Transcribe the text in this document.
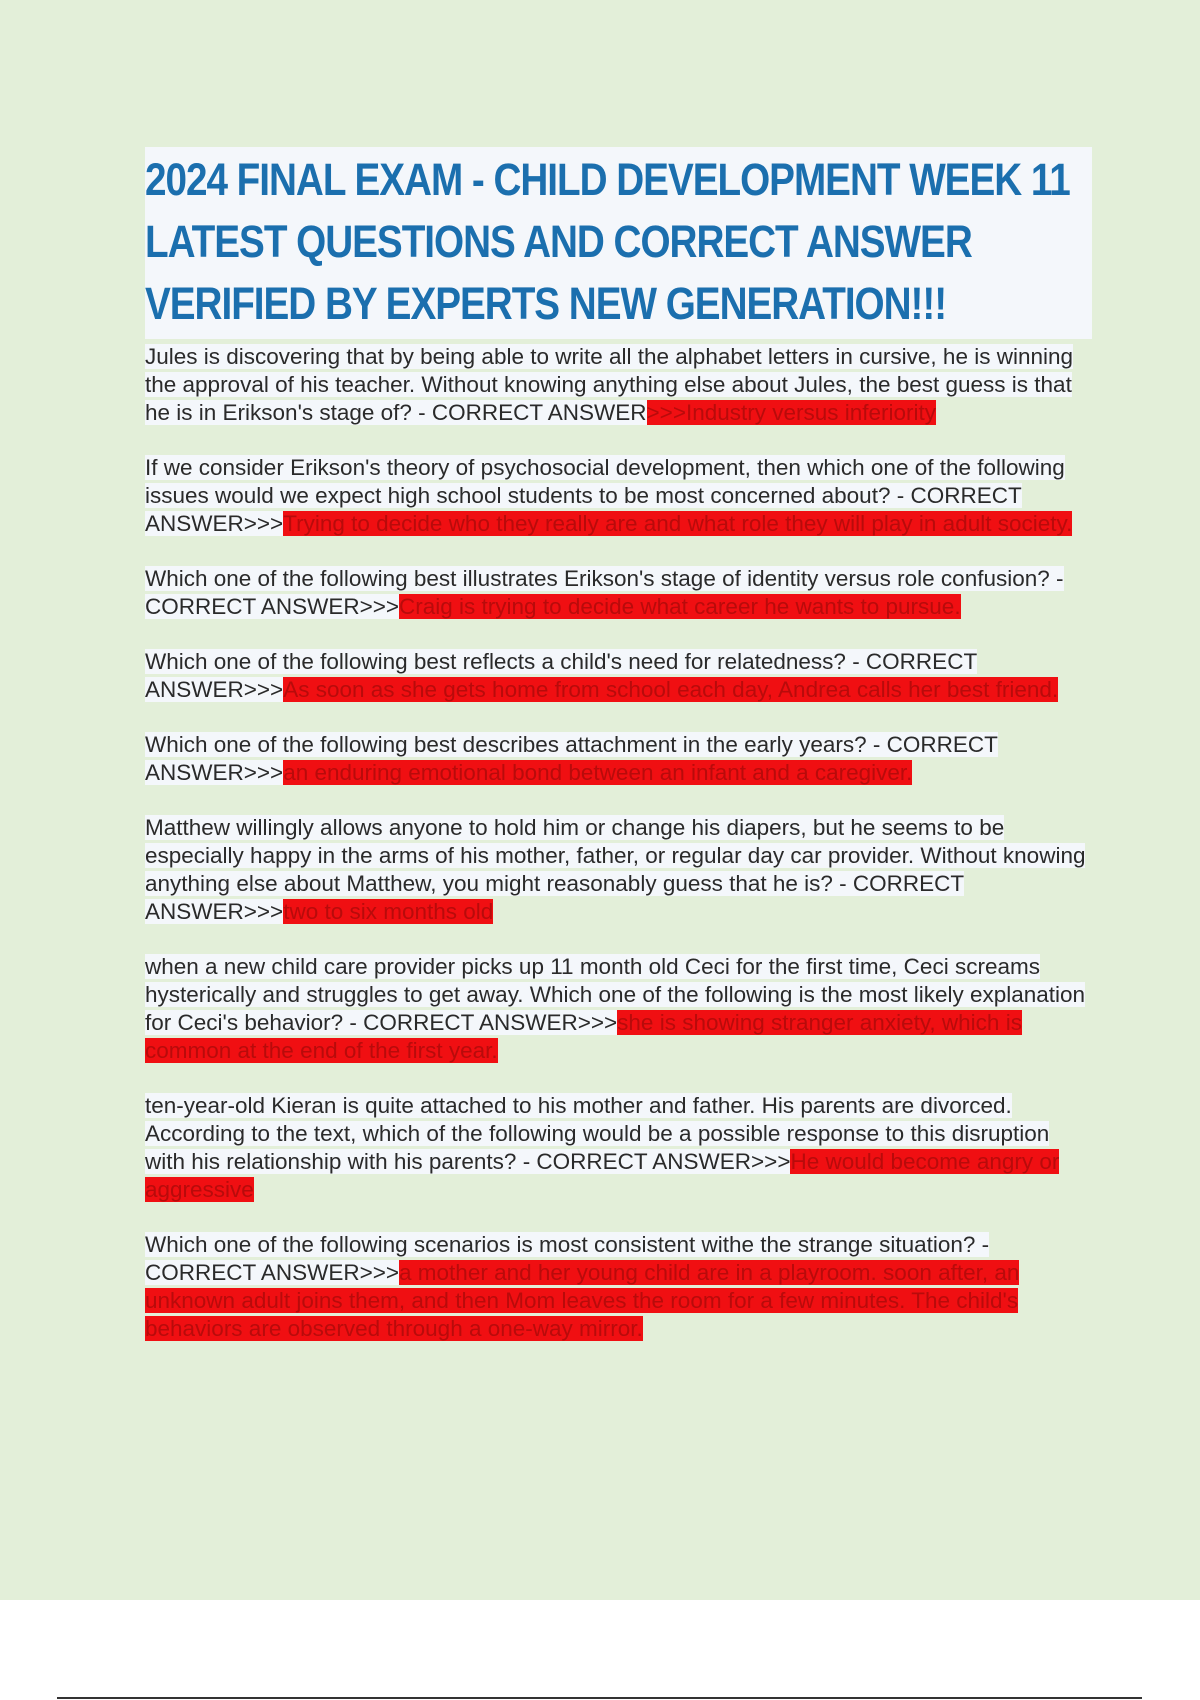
2024 FINAL EXAM - CHILD DEVELOPMENT WEEK 11 LATEST QUESTIONS AND CORRECT ANSWER VERIFIED BY EXPERTS NEW GENERATION!!!

Jules is discovering that by being able to write all the alphabet letters in cursive, he is winning the approval of his teacher. Without knowing anything else about Jules, the best guess is that he is in Erikson's stage of? - CORRECT ANSWER>>>Industry versus inferiority

If we consider Erikson's theory of psychosocial development, then which one of the following issues would we expect high school students to be most concerned about? - CORRECT ANSWER>>>Trying to decide who they really are and what role they will play in adult society.

Which one of the following best illustrates Erikson's stage of identity versus role confusion? - CORRECT ANSWER>>>Craig is trying to decide what career he wants to pursue.

Which one of the following best reflects a child's need for relatedness? - CORRECT ANSWER>>>As soon as she gets home from school each day, Andrea calls her best friend.

Which one of the following best describes attachment in the early years? - CORRECT ANSWER>>>an enduring emotional bond between an infant and a caregiver.

Matthew willingly allows anyone to hold him or change his diapers, but he seems to be especially happy in the arms of his mother, father, or regular day car provider. Without knowing anything else about Matthew, you might reasonably guess that he is? - CORRECT ANSWER>>>two to six months old

when a new child care provider picks up 11 month old Ceci for the first time, Ceci screams hysterically and struggles to get away. Which one of the following is the most likely explanation for Ceci's behavior? - CORRECT ANSWER>>>she is showing stranger anxiety, which is common at the end of the first year.

ten-year-old Kieran is quite attached to his mother and father. His parents are divorced. According to the text, which of the following would be a possible response to this disruption with his relationship with his parents? - CORRECT ANSWER>>>He would become angry or aggressive

Which one of the following scenarios is most consistent withe the strange situation? - CORRECT ANSWER>>>a mother and her young child are in a playroom. soon after, an unknown adult joins them, and then Mom leaves the room for a few minutes. The child's behaviors are observed through a one-way mirror.
